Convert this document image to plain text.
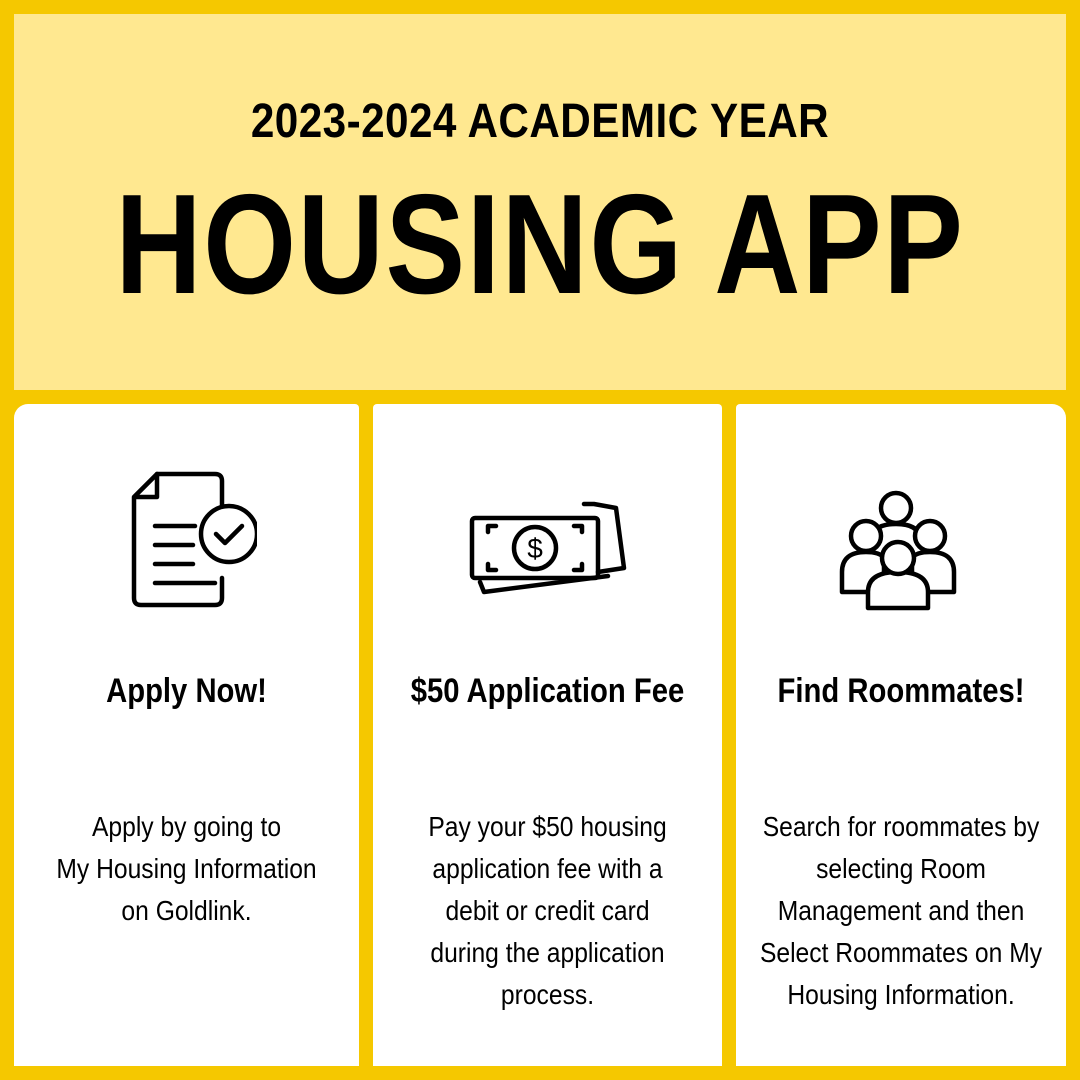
2023-2024 ACADEMIC YEAR
HOUSING APP
Apply Now!
Apply by going to
My Housing Information
on Goldlink.
$
$50 Application Fee
Pay your $50 housing
application fee with a
debit or credit card
during the application
process.
Find Roommates!
Search for roommates by
selecting Room
Management and then
Select Roommates on My
Housing Information.
